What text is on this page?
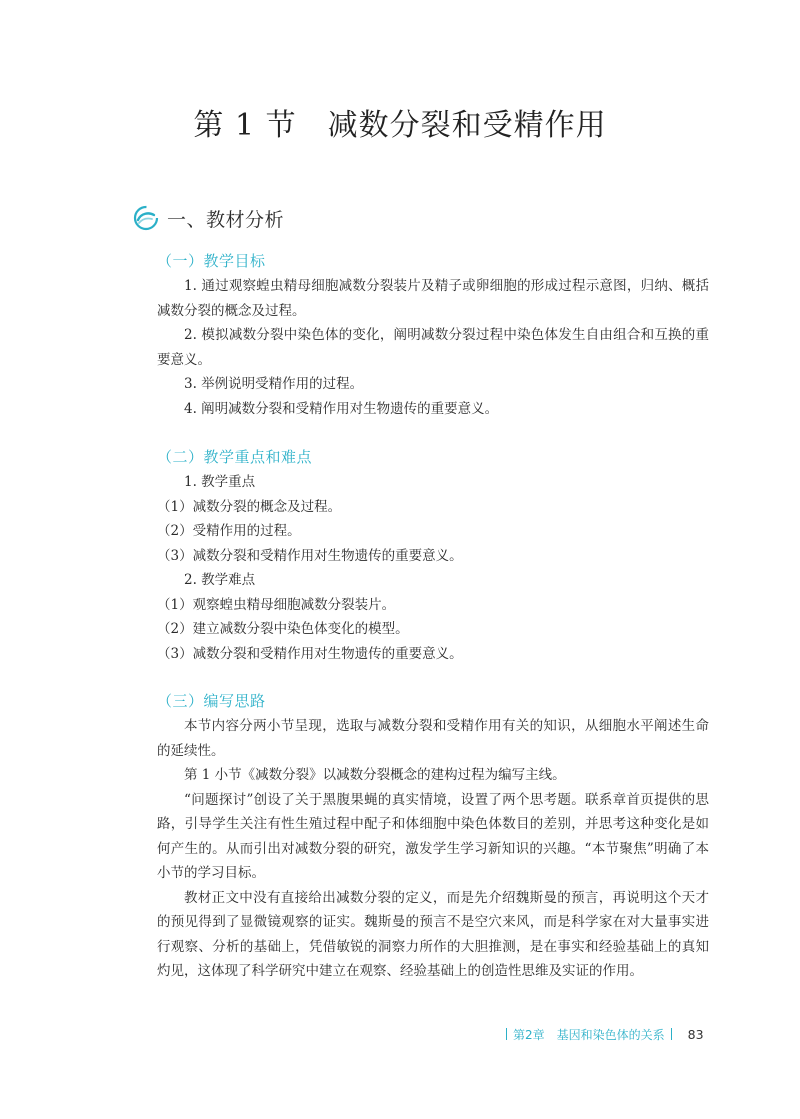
第 1 节　减数分裂和受精作用
一、教材分析
（一）教学目标

1. 通过观察蝗虫精母细胞减数分裂装片及精子或卵细胞的形成过程示意图，归纳、概括减数分裂的概念及过程。

2. 模拟减数分裂中染色体的变化，阐明减数分裂过程中染色体发生自由组合和互换的重要意义。

3. 举例说明受精作用的过程。

4. 阐明减数分裂和受精作用对生物遗传的重要意义。

（二）教学重点和难点

1. 教学重点

（1）减数分裂的概念及过程。

（2）受精作用的过程。

（3）减数分裂和受精作用对生物遗传的重要意义。

2. 教学难点

（1）观察蝗虫精母细胞减数分裂装片。

（2）建立减数分裂中染色体变化的模型。

（3）减数分裂和受精作用对生物遗传的重要意义。

（三）编写思路

本节内容分两小节呈现，选取与减数分裂和受精作用有关的知识，从细胞水平阐述生命的延续性。

第 1 小节《减数分裂》以减数分裂概念的建构过程为编写主线。

“问题探讨”创设了关于黑腹果蝇的真实情境，设置了两个思考题。联系章首页提供的思路，引导学生关注有性生殖过程中配子和体细胞中染色体数目的差别，并思考这种变化是如何产生的。从而引出对减数分裂的研究，激发学生学习新知识的兴趣。“本节聚焦”明确了本小节的学习目标。

教材正文中没有直接给出减数分裂的定义，而是先介绍魏斯曼的预言，再说明这个天才的预见得到了显微镜观察的证实。魏斯曼的预言不是空穴来风，而是科学家在对大量事实进行观察、分析的基础上，凭借敏锐的洞察力所作的大胆推测，是在事实和经验基础上的真知灼见，这体现了科学研究中建立在观察、经验基础上的创造性思维及实证的作用。

第2章　基因和染色体的关系 83
